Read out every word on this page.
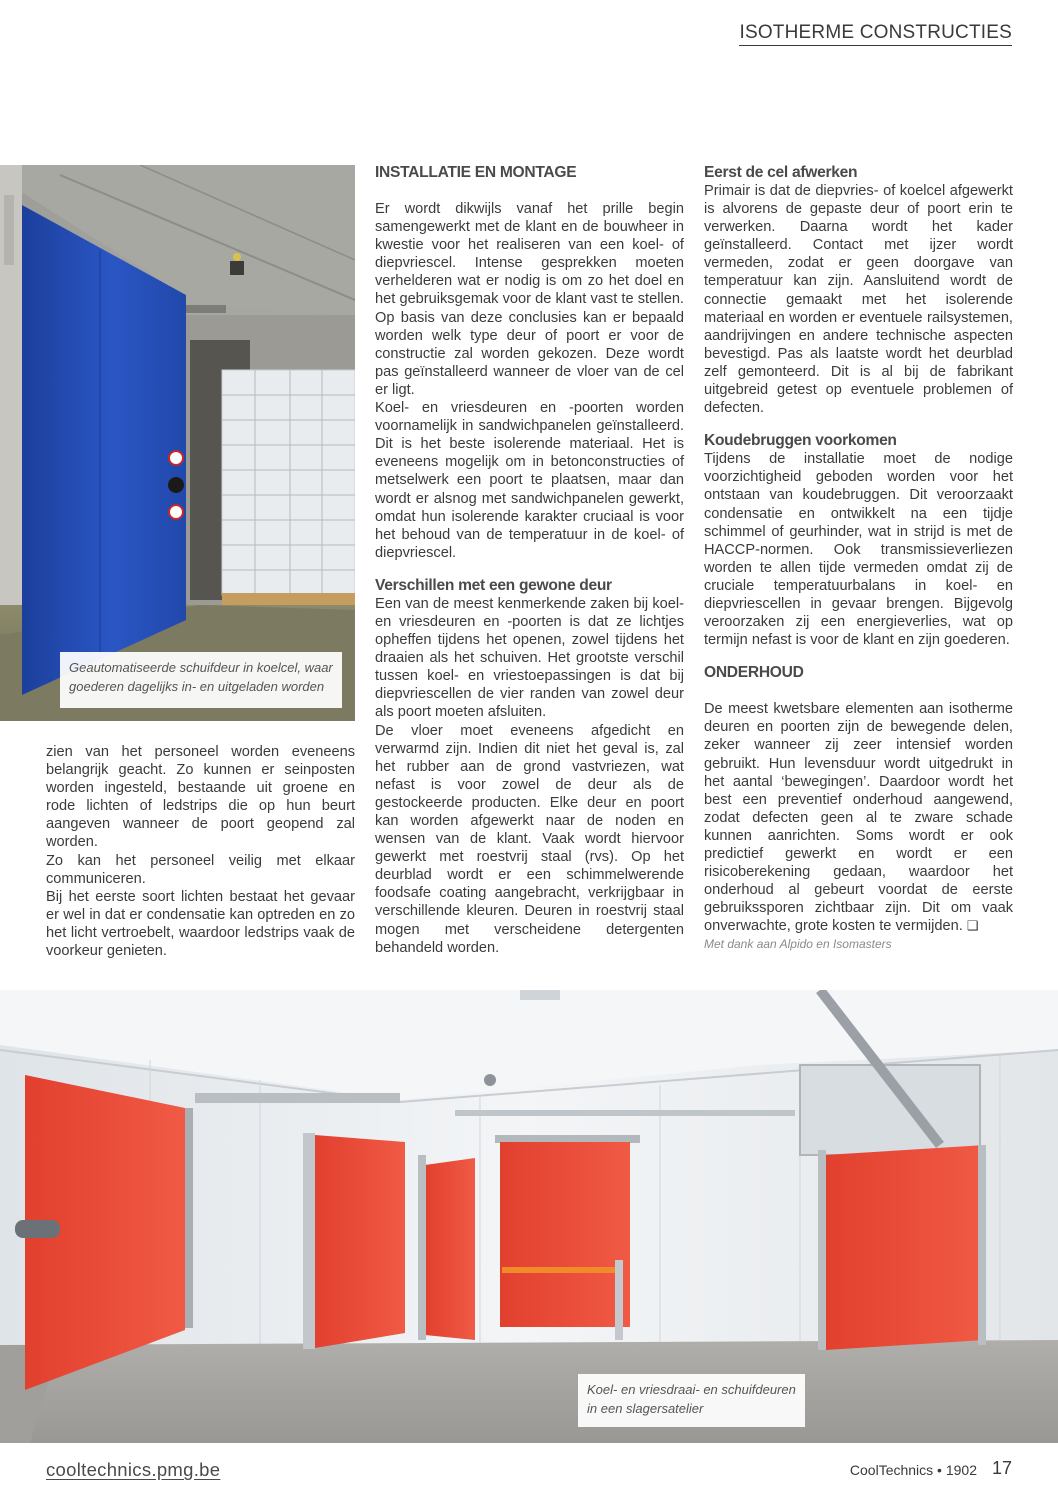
ISOTHERME CONSTRUCTIES
Geautomatiseerde schuifdeur in koelcel, waar
goederen dagelijks in- en uitgeladen worden

zien van het personeel worden eveneens belangrijk geacht. Zo kunnen er seinposten worden ingesteld, bestaande uit groene en rode lichten of ledstrips die op hun beurt aangeven wanneer de poort geopend zal worden.

Zo kan het personeel veilig met elkaar communiceren.

Bij het eerste soort lichten bestaat het gevaar er wel in dat er condensatie kan optreden en zo het licht vertroebelt, waardoor ledstrips vaak de voorkeur genieten.

INSTALLATIE EN MONTAGE

Er wordt dikwijls vanaf het prille begin samengewerkt met de klant en de bouwheer in kwestie voor het realiseren van een koel- of diepvriescel. Intense gesprekken moeten verhelderen wat er nodig is om zo het doel en het gebruiksgemak voor de klant vast te stellen. Op basis van deze conclusies kan er bepaald worden welk type deur of poort er voor de constructie zal worden gekozen. Deze wordt pas geïnstalleerd wanneer de vloer van de cel er ligt.

Koel- en vriesdeuren en -poorten worden voornamelijk in sandwichpanelen geïnstalleerd. Dit is het beste isolerende materiaal. Het is eveneens mogelijk om in betonconstructies of metselwerk een poort te plaatsen, maar dan wordt er alsnog met sandwichpanelen gewerkt, omdat hun isolerende karakter cruciaal is voor het behoud van de temperatuur in de koel- of diepvriescel.

Verschillen met een gewone deur

Een van de meest kenmerkende zaken bij koel- en vriesdeuren en -poorten is dat ze lichtjes opheffen tijdens het openen, zowel tijdens het draaien als het schuiven. Het grootste verschil tussen koel- en vriestoepassingen is dat bij diepvriescellen de vier randen van zowel deur als poort moeten afsluiten.

De vloer moet eveneens afgedicht en verwarmd zijn. Indien dit niet het geval is, zal het rubber aan de grond vastvriezen, wat nefast is voor zowel de deur als de gestockeerde producten. Elke deur en poort kan worden afgewerkt naar de noden en wensen van de klant. Vaak wordt hiervoor gewerkt met roestvrij staal (rvs). Op het deurblad wordt er een schimmelwerende foodsafe coating aangebracht, verkrijgbaar in verschillende kleuren. Deuren in roestvrij staal mogen met verscheidene detergenten behandeld worden.

Eerst de cel afwerken

Primair is dat de diepvries- of koelcel afgewerkt is alvorens de gepaste deur of poort erin te verwerken. Daarna wordt het kader geïnstalleerd. Contact met ijzer wordt vermeden, zodat er geen doorgave van temperatuur kan zijn. Aansluitend wordt de connectie gemaakt met het isolerende materiaal en worden er eventuele railsystemen, aandrijvingen en andere technische aspecten bevestigd. Pas als laatste wordt het deurblad zelf gemonteerd. Dit is al bij de fabrikant uitgebreid getest op eventuele problemen of defecten.

Koudebruggen voorkomen

Tijdens de installatie moet de nodige voorzichtigheid geboden worden voor het ontstaan van koudebruggen. Dit veroorzaakt condensatie en ontwikkelt na een tijdje schimmel of geurhinder, wat in strijd is met de HACCP-normen. Ook transmissieverliezen worden te allen tijde vermeden omdat zij de cruciale temperatuurbalans in koel- en diepvriescellen in gevaar brengen. Bijgevolg veroorzaken zij een energieverlies, wat op termijn nefast is voor de klant en zijn goederen.

ONDERHOUD

De meest kwetsbare elementen aan isotherme deuren en poorten zijn de bewegende delen, zeker wanneer zij zeer intensief worden gebruikt. Hun levensduur wordt uitgedrukt in het aantal ‘bewegingen’. Daardoor wordt het best een preventief onderhoud aangewend, zodat defecten geen al te zware schade kunnen aanrichten. Soms wordt er ook predictief gewerkt en wordt er een risicoberekening gedaan, waardoor het onderhoud al gebeurt voordat de eerste gebruikssporen zichtbaar zijn. Dit om vaak onverwachte, grote kosten te vermijden. ❑

Met dank aan Alpido en Isomasters

Koel- en vriesdraai- en schuifdeuren
in een slagersatelier
cooltechnics.pmg.be	CoolTechnics • 1902 17
